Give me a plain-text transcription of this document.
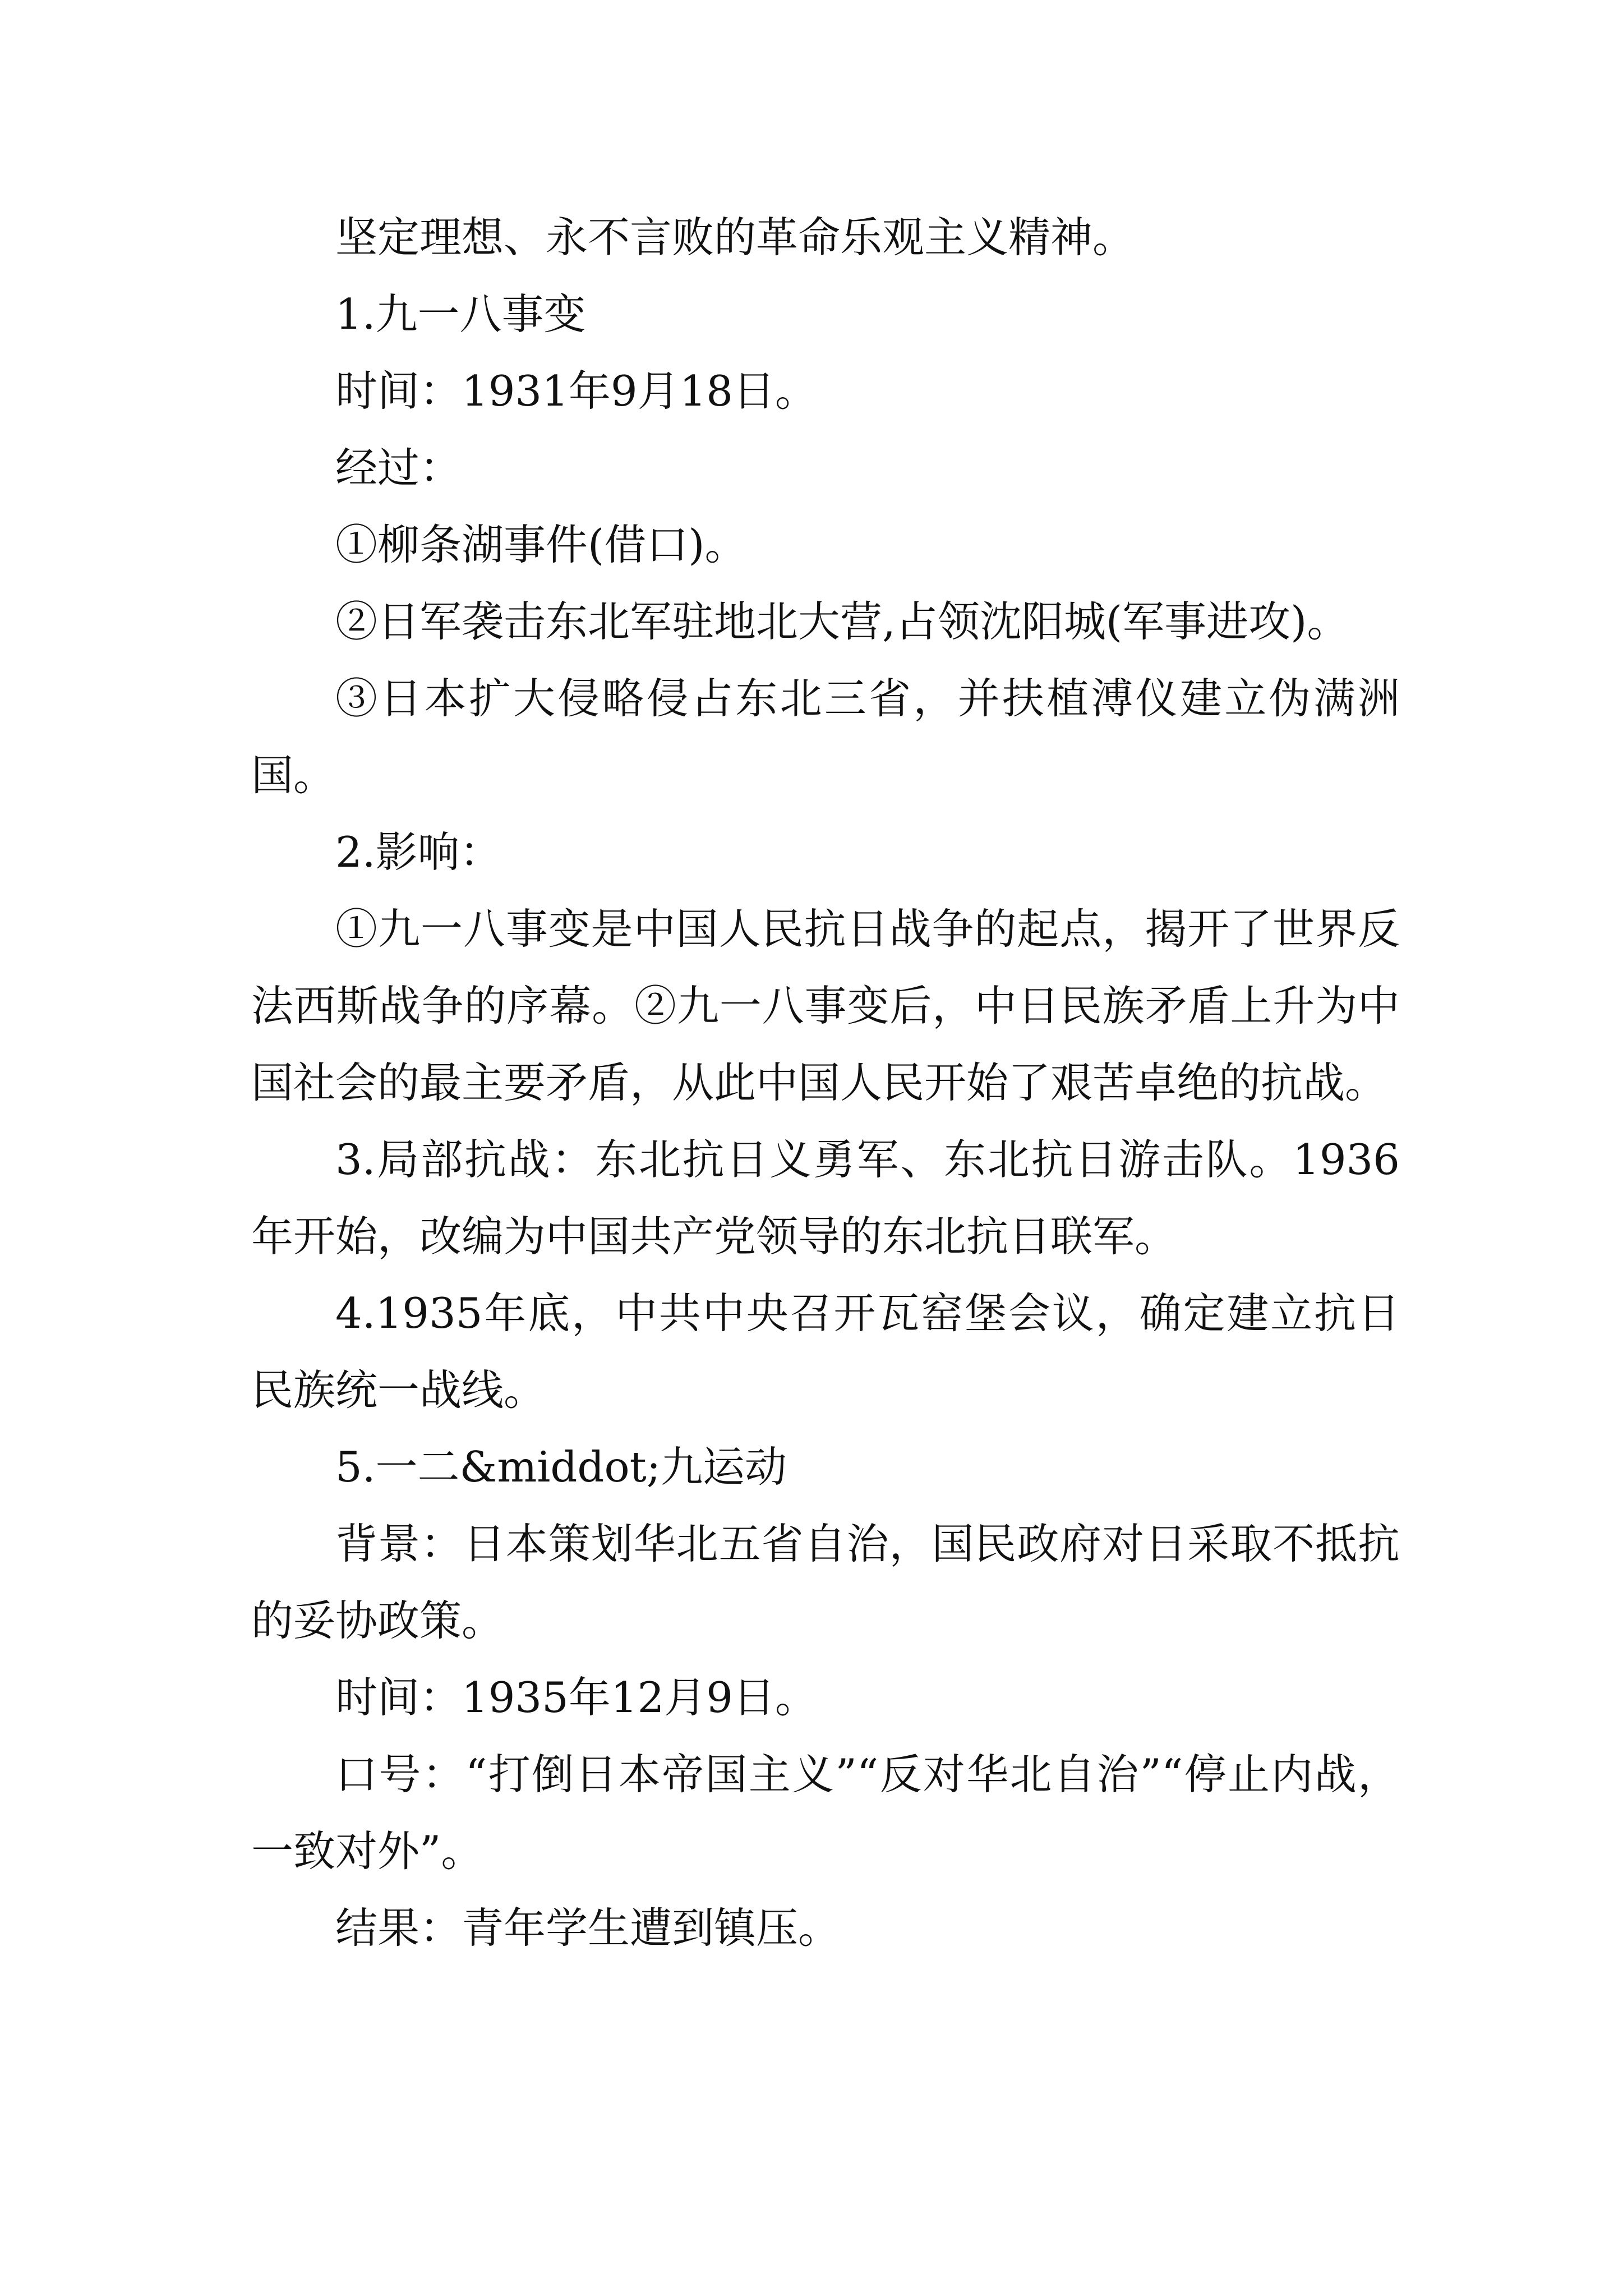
坚定理想、永不言败的革命乐观主义精神。

1.九一八事变

时间：1931年9月18日。

经过：

①柳条湖事件(借口)。

②日军袭击东北军驻地北大营,占领沈阳城(军事进攻)。

③日本扩大侵略侵占东北三省，并扶植溥仪建立伪满洲国。

2.影响：

①九一八事变是中国人民抗日战争的起点，揭开了世界反法西斯战争的序幕。②九一八事变后，中日民族矛盾上升为中国社会的最主要矛盾，从此中国人民开始了艰苦卓绝的抗战。

3.局部抗战：东北抗日义勇军、东北抗日游击队。1936年开始，改编为中国共产党领导的东北抗日联军。

4.1935年底，中共中央召开瓦窑堡会议，确定建立抗日民族统一战线。

5.一二&middot;九运动

背景：日本策划华北五省自治，国民政府对日采取不抵抗的妥协政策。

时间：1935年12月9日。

口号：“打倒日本帝国主义”“反对华北自治”“停止内战，一致对外”。

结果：青年学生遭到镇压。
